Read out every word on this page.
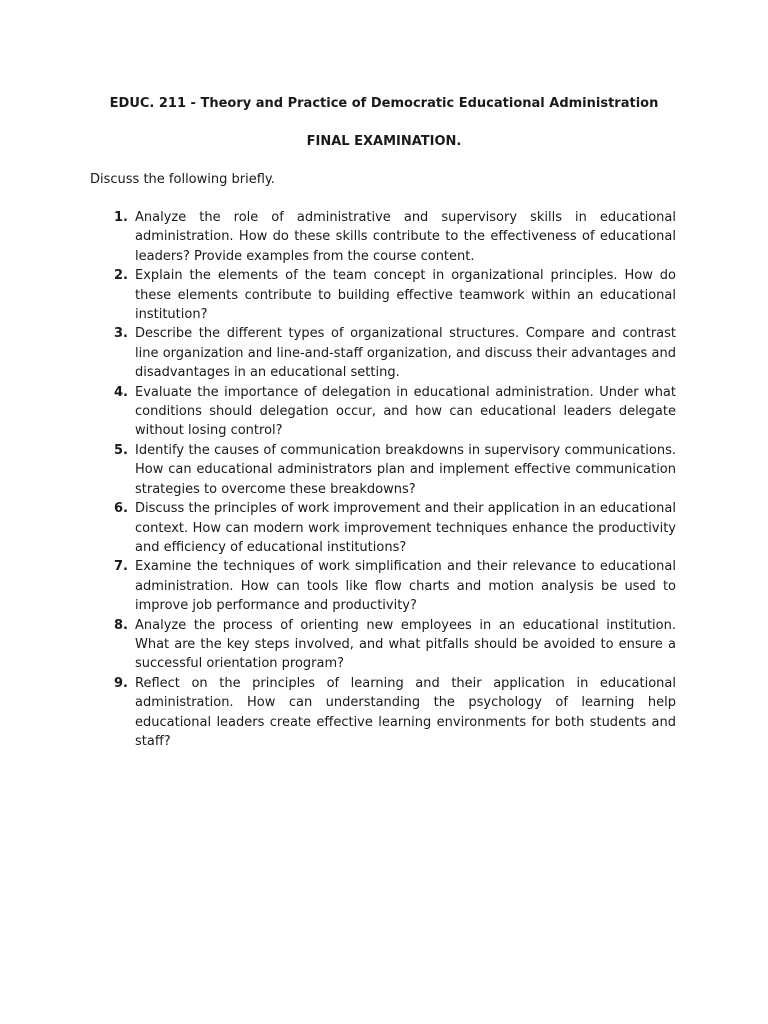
EDUC. 211 - Theory and Practice of Democratic Educational Administration

FINAL EXAMINATION.

Discuss the following briefly.

1. Analyze the role of administrative and supervisory skills in educational administration. How do these skills contribute to the effectiveness of educational leaders? Provide examples from the course content.
2. Explain the elements of the team concept in organizational principles. How do these elements contribute to building effective teamwork within an educational institution?
3. Describe the different types of organizational structures. Compare and contrast line organization and line-and-staff organization, and discuss their advantages and disadvantages in an educational setting.
4. Evaluate the importance of delegation in educational administration. Under what conditions should delegation occur, and how can educational leaders delegate without losing control?
5. Identify the causes of communication breakdowns in supervisory communications. How can educational administrators plan and implement effective communication strategies to overcome these breakdowns?
6. Discuss the principles of work improvement and their application in an educational context. How can modern work improvement techniques enhance the productivity and efficiency of educational institutions?
7. Examine the techniques of work simplification and their relevance to educational administration. How can tools like flow charts and motion analysis be used to improve job performance and productivity?
8. Analyze the process of orienting new employees in an educational institution. What are the key steps involved, and what pitfalls should be avoided to ensure a successful orientation program?
9. Reflect on the principles of learning and their application in educational administration. How can understanding the psychology of learning help educational leaders create effective learning environments for both students and staff?
